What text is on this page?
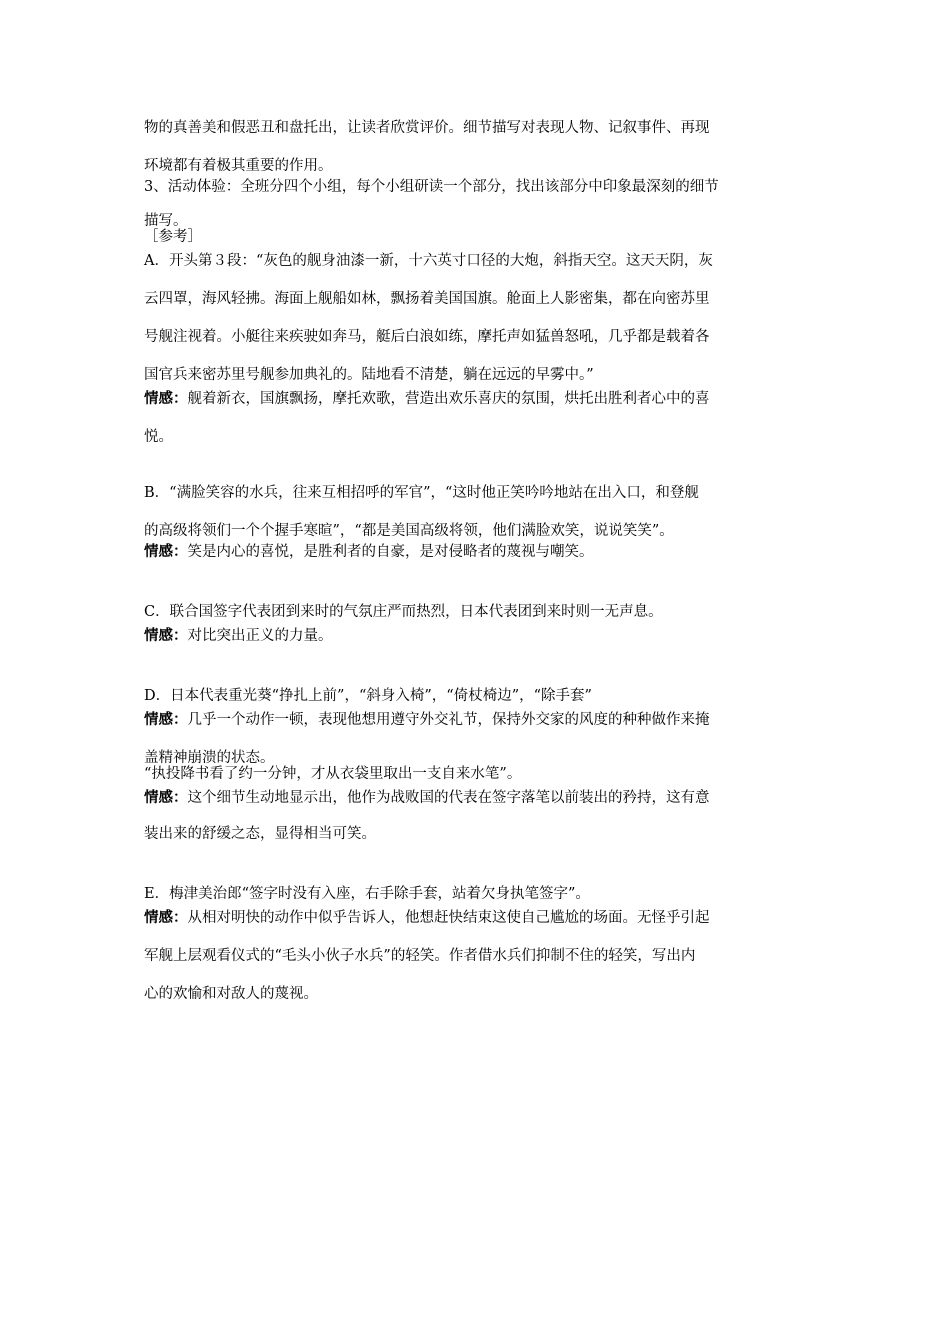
物的真善美和假恶丑和盘托出，让读者欣赏评价。细节描写对表现人物、记叙事件、再现
环境都有着极其重要的作用。
3、活动体验：全班分四个小组，每个小组研读一个部分，找出该部分中印象最深刻的细节
描写。
［参考］
A．开头第３段：“灰色的舰身油漆一新，十六英寸口径的大炮，斜指天空。这天天阴，灰
云四罩，海风轻拂。海面上舰船如林，飘扬着美国国旗。舱面上人影密集，都在向密苏里
号舰注视着。小艇往来疾驶如奔马，艇后白浪如练，摩托声如猛兽怒吼，几乎都是载着各
国官兵来密苏里号舰参加典礼的。陆地看不清楚，躺在远远的早雾中。”
情感：舰着新衣，国旗飘扬，摩托欢歌，营造出欢乐喜庆的氛围，烘托出胜利者心中的喜
悦。
B．“满脸笑容的水兵，往来互相招呼的军官”，“这时他正笑吟吟地站在出入口，和登舰
的高级将领们一个个握手寒暄”，“都是美国高级将领，他们满脸欢笑，说说笑笑”。
情感：笑是内心的喜悦，是胜利者的自豪，是对侵略者的蔑视与嘲笑。
C．联合国签字代表团到来时的气氛庄严而热烈，日本代表团到来时则一无声息。
情感：对比突出正义的力量。
D．日本代表重光葵“挣扎上前”，“斜身入椅”，“倚杖椅边”，“除手套”
情感：几乎一个动作一顿，表现他想用遵守外交礼节，保持外交家的风度的种种做作来掩
盖精神崩溃的状态。
“执投降书看了约一分钟，才从衣袋里取出一支自来水笔”。
情感：这个细节生动地显示出，他作为战败国的代表在签字落笔以前装出的矜持，这有意
装出来的舒缓之态，显得相当可笑。
E．梅津美治郎“签字时没有入座，右手除手套，站着欠身执笔签字”。
情感：从相对明快的动作中似乎告诉人，他想赶快结束这使自己尴尬的场面。无怪乎引起
军舰上层观看仪式的“毛头小伙子水兵”的轻笑。作者借水兵们抑制不住的轻笑，写出内
心的欢愉和对敌人的蔑视。
